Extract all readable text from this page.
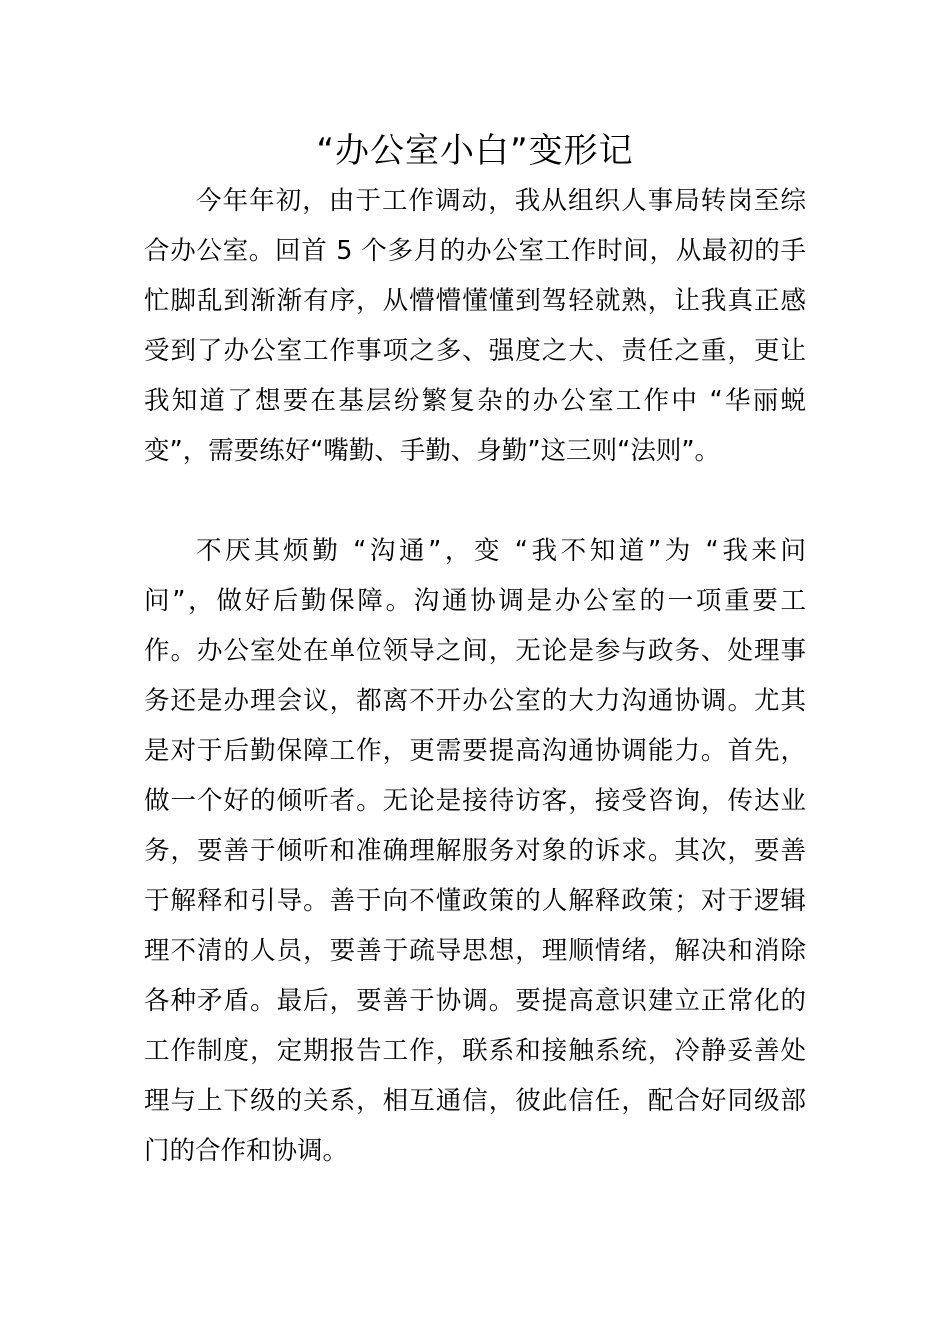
“办公室小白”变形记

今年年初，由于工作调动，我从组织人事局转岗至综

合办公室。回首 5 个多月的办公室工作时间，从最初的手

忙脚乱到渐渐有序，从懵懵懂懂到驾轻就熟，让我真正感

受到了办公室工作事项之多、强度之大、责任之重，更让

我知道了想要在基层纷繁复杂的办公室工作中 “华丽蜕

变”，需要练好“嘴勤、手勤、身勤”这三则“法则”。

不厌其烦勤 “沟通”，变 “我不知道”为 “我来问

问”，做好后勤保障。沟通协调是办公室的一项重要工

作。办公室处在单位领导之间，无论是参与政务、处理事

务还是办理会议，都离不开办公室的大力沟通协调。尤其

是对于后勤保障工作，更需要提高沟通协调能力。首先，

做一个好的倾听者。无论是接待访客，接受咨询，传达业

务，要善于倾听和准确理解服务对象的诉求。其次，要善

于解释和引导。善于向不懂政策的人解释政策；对于逻辑

理不清的人员，要善于疏导思想，理顺情绪，解决和消除

各种矛盾。最后，要善于协调。要提高意识建立正常化的

工作制度，定期报告工作，联系和接触系统，冷静妥善处

理与上下级的关系，相互通信，彼此信任，配合好同级部

门的合作和协调。
